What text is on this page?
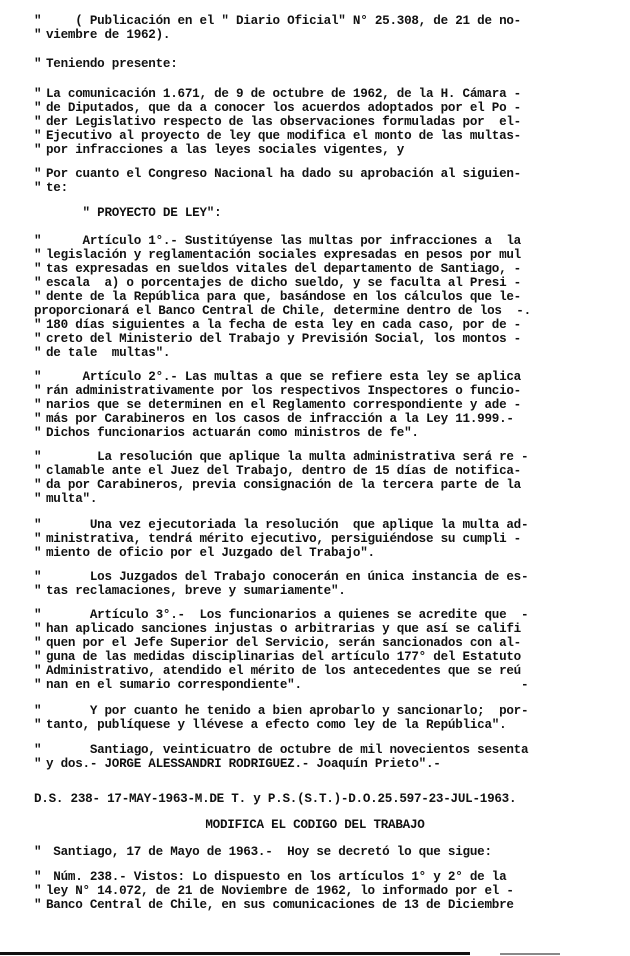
" ( Publicación en el " Diario Oficial" N° 25.308, de 21 de no-
" viembre de 1962).
" Teniendo presente:
" La comunicación 1.671, de 9 de octubre de 1962, de la H. Cámara -
" de Diputados, que da a conocer los acuerdos adoptados por el Po -
" der Legislativo respecto de las observaciones formuladas por  el-
" Ejecutivo al proyecto de ley que modifica el monto de las multas-
" por infracciones a las leyes sociales vigentes, y
" Por cuanto el Congreso Nacional ha dado su aprobación al siguien-
" te:
" PROYECTO DE LEY":
" Artículo 1°.- Sustitúyense las multas por infracciones a  la
" legislación y reglamentación sociales expresadas en pesos por mul
" tas expresadas en sueldos vitales del departamento de Santiago, -
" escala  a) o porcentajes de dicho sueldo, y se faculta al Presi -
" dente de la República para que, basándose en los cálculos que le-
proporcionará el Banco Central de Chile, determine dentro de los  -.
" 180 días siguientes a la fecha de esta ley en cada caso, por de -
" creto del Ministerio del Trabajo y Previsión Social, los montos -
" de tale  multas".
" Artículo 2°.- Las multas a que se refiere esta ley se aplica
" rán administrativamente por los respectivos Inspectores o funcio-
" narios que se determinen en el Reglamento correspondiente y ade -
" más por Carabineros en los casos de infracción a la Ley 11.999.-
" Dichos funcionarios actuarán como ministros de fe".
" La resolución que aplique la multa administrativa será re -
" clamable ante el Juez del Trabajo, dentro de 15 días de notifica-
" da por Carabineros, previa consignación de la tercera parte de la
" multa".
" Una vez ejecutoriada la resolución  que aplique la multa ad-
" ministrativa, tendrá mérito ejecutivo, persiguiéndose su cumpli -
" miento de oficio por el Juzgado del Trabajo".
" Los Juzgados del Trabajo conocerán en única instancia de es-
" tas reclamaciones, breve y sumariamente".
" Artículo 3°.-  Los funcionarios a quienes se acredite que  -
" han aplicado sanciones injustas o arbitrarias y que así se califi
" quen por el Jefe Superior del Servicio, serán sancionados con al-
" guna de las medidas disciplinarias del artículo 177° del Estatuto
" Administrativo, atendido el mérito de los antecedentes que se reú
" nan en el sumario correspondiente".                              -
" Y por cuanto he tenido a bien aprobarlo y sancionarlo;  por-
" tanto, publíquese y llévese a efecto como ley de la República".
" Santiago, veinticuatro de octubre de mil novecientos sesenta
" y dos.- JORGE ALESSANDRI RODRIGUEZ.- Joaquín Prieto".-
D.S. 238- 17-MAY-1963-M.DE T. y P.S.(S.T.)-D.O.25.597-23-JUL-1963.
MODIFICA EL CODIGO DEL TRABAJO
" Santiago, 17 de Mayo de 1963.-  Hoy se decretó lo que sigue:
" Núm. 238.- Vistos: Lo dispuesto en los artículos 1° y 2° de la
" ley N° 14.072, de 21 de Noviembre de 1962, lo informado por el -
" Banco Central de Chile, en sus comunicaciones de 13 de Diciembre
